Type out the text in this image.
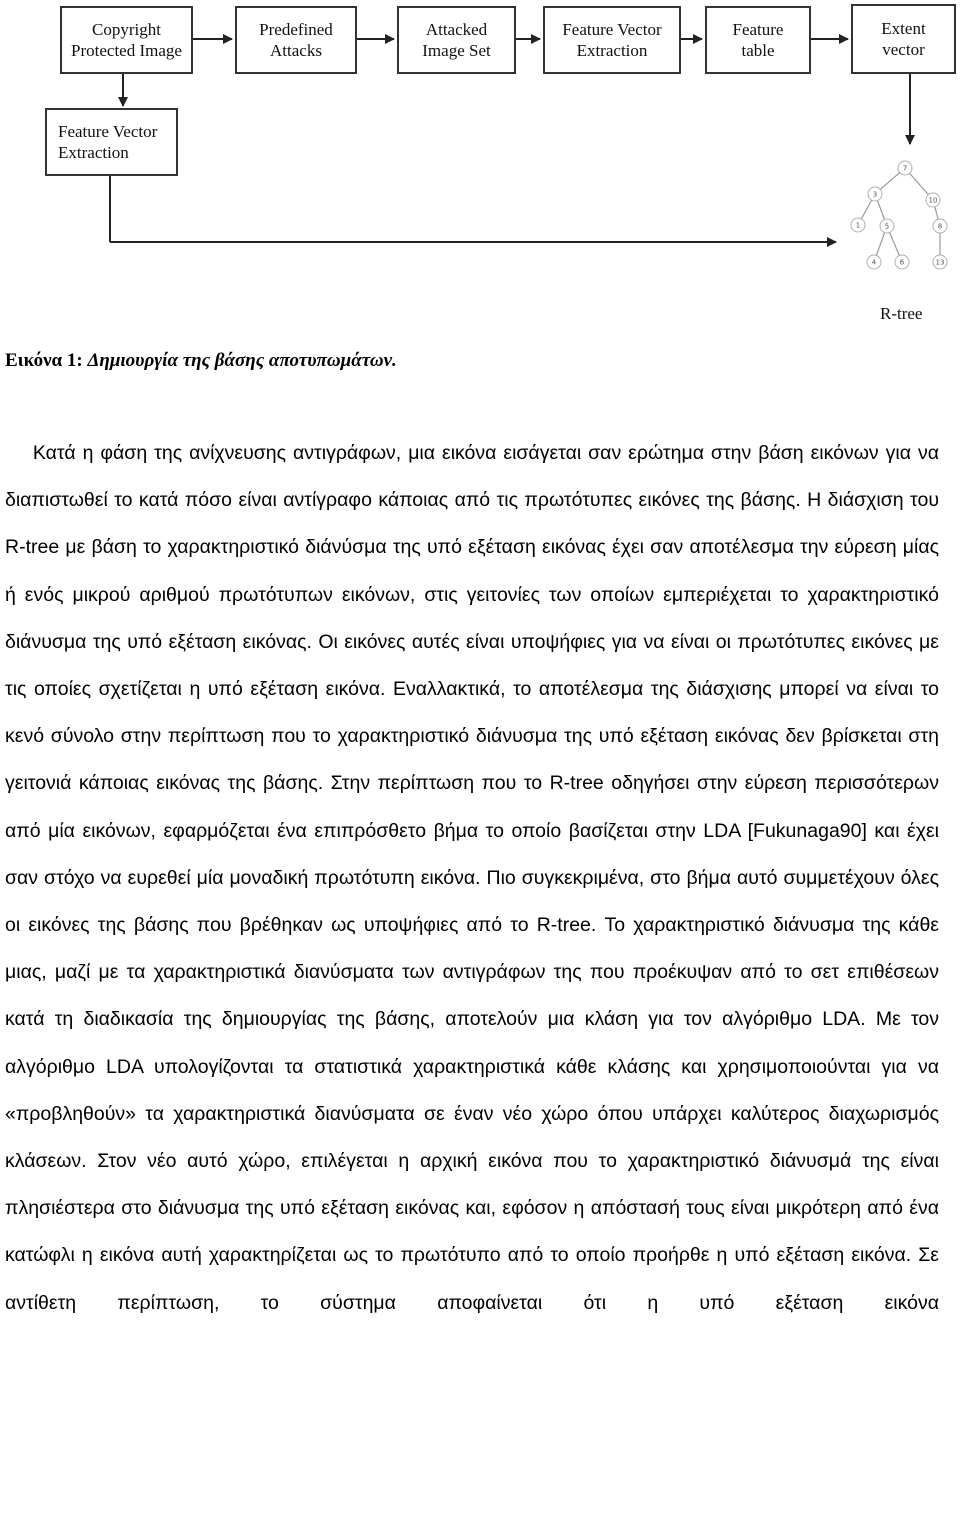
Copyright
Protected Image
Predefined
Attacks
Attacked
Image Set
Feature Vector
Extraction
Feature
table
Extent
vector
Feature Vector
Extraction
7
3
10
1	5	8
4	6	13
R-tree
Εικόνα 1: Δημιουργία της βάσης αποτυπωμάτων.
Κατά η φάση της ανίχνευσης αντιγράφων, μια εικόνα εισάγεται σαν ερώτημα στην βάση εικόνων για να διαπιστωθεί το κατά πόσο είναι αντίγραφο κάποιας από τις πρωτότυπες εικόνες της βάσης. Η διάσχιση του R-tree με βάση το χαρακτηριστικό διάνύσμα της υπό εξέταση εικόνας έχει σαν αποτέλεσμα την εύρεση μίας ή ενός μικρού αριθμού πρωτότυπων εικόνων, στις γειτονίες των οποίων εμπεριέχεται το χαρακτηριστικό διάνυσμα της υπό εξέταση εικόνας. Οι εικόνες αυτές είναι υποψήφιες για να είναι οι πρωτότυπες εικόνες με τις οποίες σχετίζεται η υπό εξέταση εικόνα. Εναλλακτικά, το αποτέλεσμα της διάσχισης μπορεί να είναι το κενό σύνολο στην περίπτωση που το χαρακτηριστικό διάνυσμα της υπό εξέταση εικόνας δεν βρίσκεται στη γειτονιά κάποιας εικόνας της βάσης. Στην περίπτωση που το R-tree οδηγήσει στην εύρεση περισσότερων από μία εικόνων, εφαρμόζεται ένα επιπρόσθετο βήμα το οποίο βασίζεται στην LDA [Fukunaga90] και έχει σαν στόχο να ευρεθεί μία μοναδική πρωτότυπη εικόνα. Πιο συγκεκριμένα, στο βήμα αυτό συμμετέχουν όλες οι εικόνες της βάσης που βρέθηκαν ως υποψήφιες από το R-tree. Το χαρακτηριστικό διάνυσμα της κάθε μιας, μαζί με τα χαρακτηριστικά διανύσματα των αντιγράφων της που προέκυψαν από το σετ επιθέσεων κατά τη διαδικασία της δημιουργίας της βάσης, αποτελούν μια κλάση για τον αλγόριθμο LDA. Με τον αλγόριθμο LDA υπολογίζονται τα στατιστικά χαρακτηριστικά κάθε κλάσης και χρησιμοποιούνται για να «προβληθούν» τα χαρακτηριστικά διανύσματα σε έναν νέο χώρο όπου υπάρχει καλύτερος διαχωρισμός κλάσεων. Στον νέο αυτό χώρο, επιλέγεται η αρχική εικόνα που το χαρακτηριστικό διάνυσμά της είναι πλησιέστερα στο διάνυσμα της υπό εξέταση εικόνας και, εφόσον η απόστασή τους είναι μικρότερη από ένα κατώφλι η εικόνα αυτή χαρακτηρίζεται ως το πρωτότυπο από το οποίο προήρθε η υπό εξέταση εικόνα. Σε αντίθετη περίπτωση, το σύστημα αποφαίνεται ότι η υπό εξέταση εικόνα
